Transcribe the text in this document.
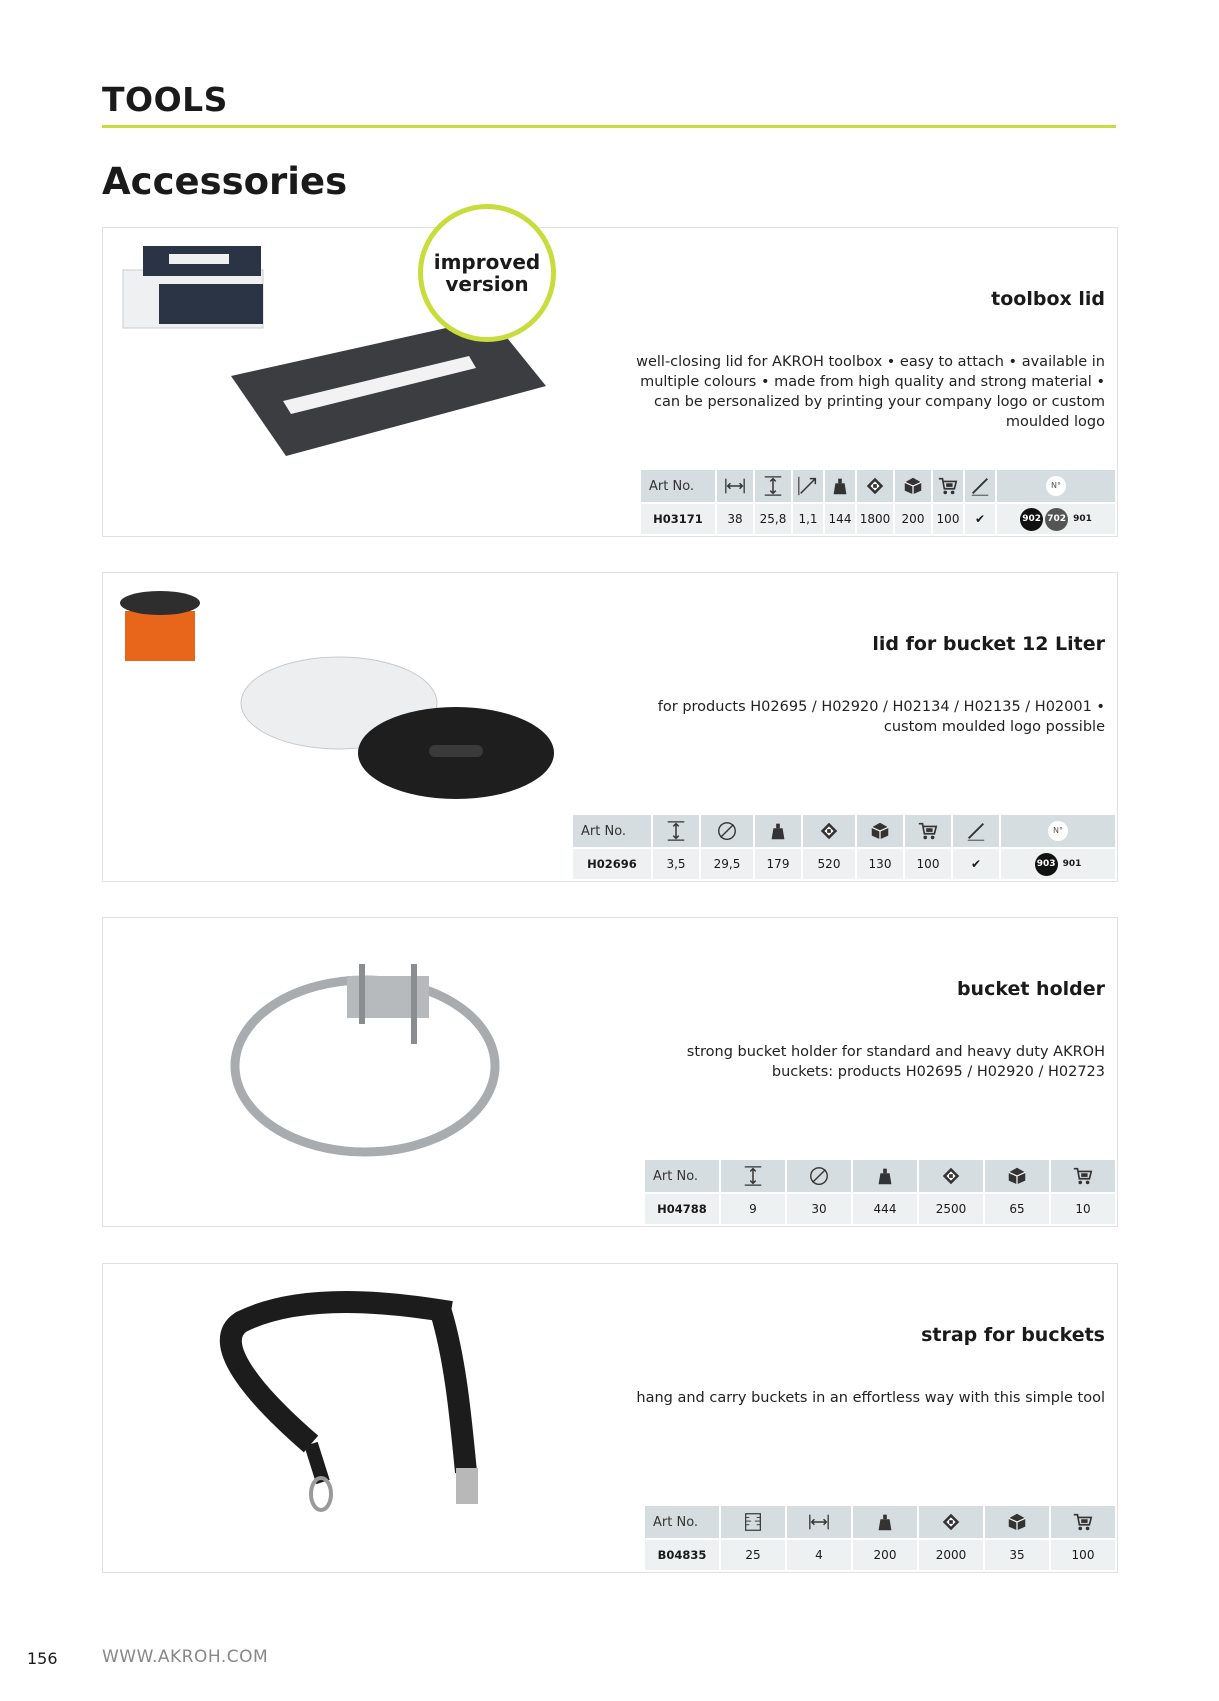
TOOLS
Accessories
toolbox lid
well-closing lid for AKROH toolbox • easy to attach • available in multiple colours • made from high quality and strong material • can be personalized by printing your company logo or custom moulded logo
Art No.									N°
H03171	38	25,8	1,1	144	1800	200	100	✔	902 702 901
improved
version
lid for bucket 12 Liter
for products H02695 / H02920 / H02134 / H02135 / H02001 • custom moulded logo possible
Art No.								N°
H02696	3,5	29,5	179	520	130	100	✔	903 901
bucket holder
strong bucket holder for standard and heavy duty AKROH buckets: products H02695 / H02920 / H02723
Art No.	

H04788	9	30	444	2500	65	10
strap for buckets
hang and carry buckets in an effortless way with this simple tool
Art No.	

B04835	25	4	200	2000	35	100
156	WWW.AKROH.COM
